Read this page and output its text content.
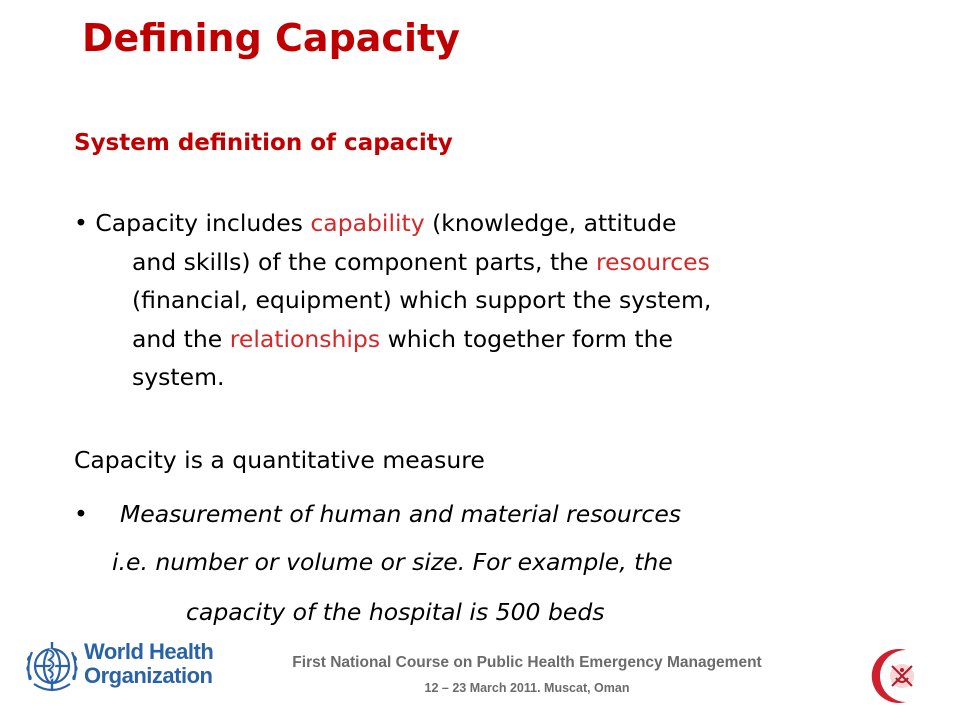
Defining Capacity
System definition of capacity
• Capacity includes capability (knowledge, attitude
and skills) of the component parts, the resources
(financial, equipment) which support the system,
and the relationships which together form the
system.
Capacity is a quantitative measure
• Measurement of human and material resources
i.e. number or volume or size. For example, the
capacity of the hospital is 500 beds
First National Course on Public Health Emergency Management
12 – 23 March 2011. Muscat, Oman
World Health
Organization
